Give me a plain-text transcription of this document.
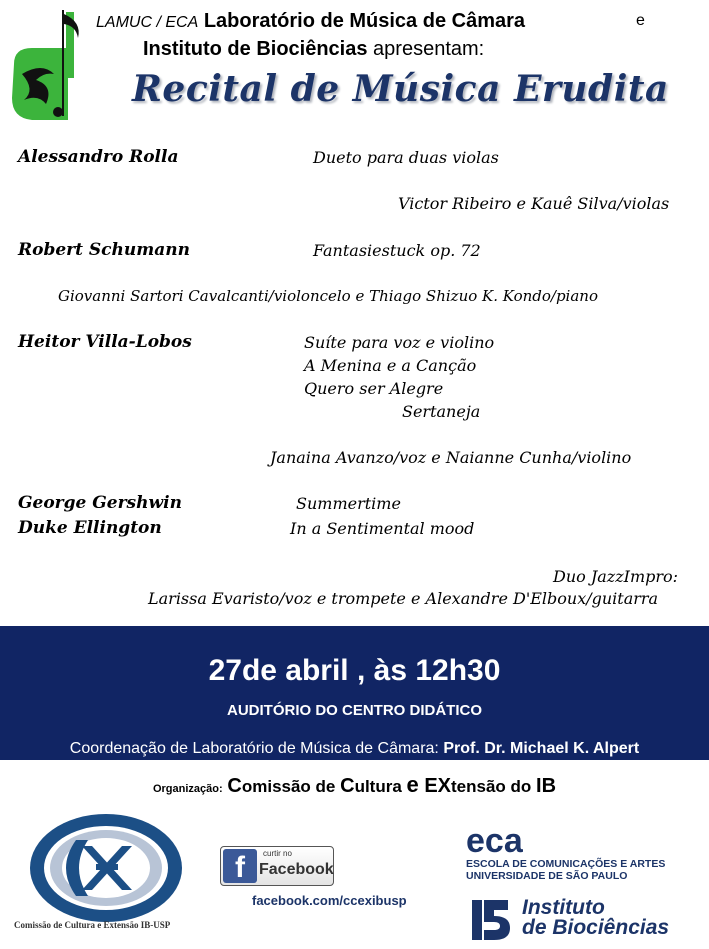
LAMUC / ECA Laboratório de Música de Câmara	e
Instituto de Biociências apresentam:
Recital de Música Erudita
Alessandro Rolla	Dueto para duas violas
Victor Ribeiro e Kauê Silva/violas
Robert Schumann	Fantasiestuck op. 72
Giovanni Sartori Cavalcanti/violoncelo e Thiago Shizuo K. Kondo/piano
Heitor Villa-Lobos	Suíte para voz e violino
A Menina e a Canção
Quero ser Alegre
Sertaneja
Janaina Avanzo/voz e Naianne Cunha/violino
George Gershwin	Summertime
Duke Ellington	In a Sentimental mood
Duo JazzImpro:
Larissa Evaristo/voz e trompete e Alexandre D'Elboux/guitarra
27de abril , às 12h30
AUDITÓRIO DO CENTRO DIDÁTICO
Coordenação de Laboratório de Música de Câmara: Prof. Dr. Michael K. Alpert
Organização: Comissão de Cultura e EXtensão do IB
Comissão de Cultura e Extensão IB-USP
f	curtir no
Facebook
facebook.com/ccexibusp
eca
ESCOLA DE COMUNICAÇÕES E ARTES
UNIVERSIDADE DE SÃO PAULO
Instituto
de Biociências
